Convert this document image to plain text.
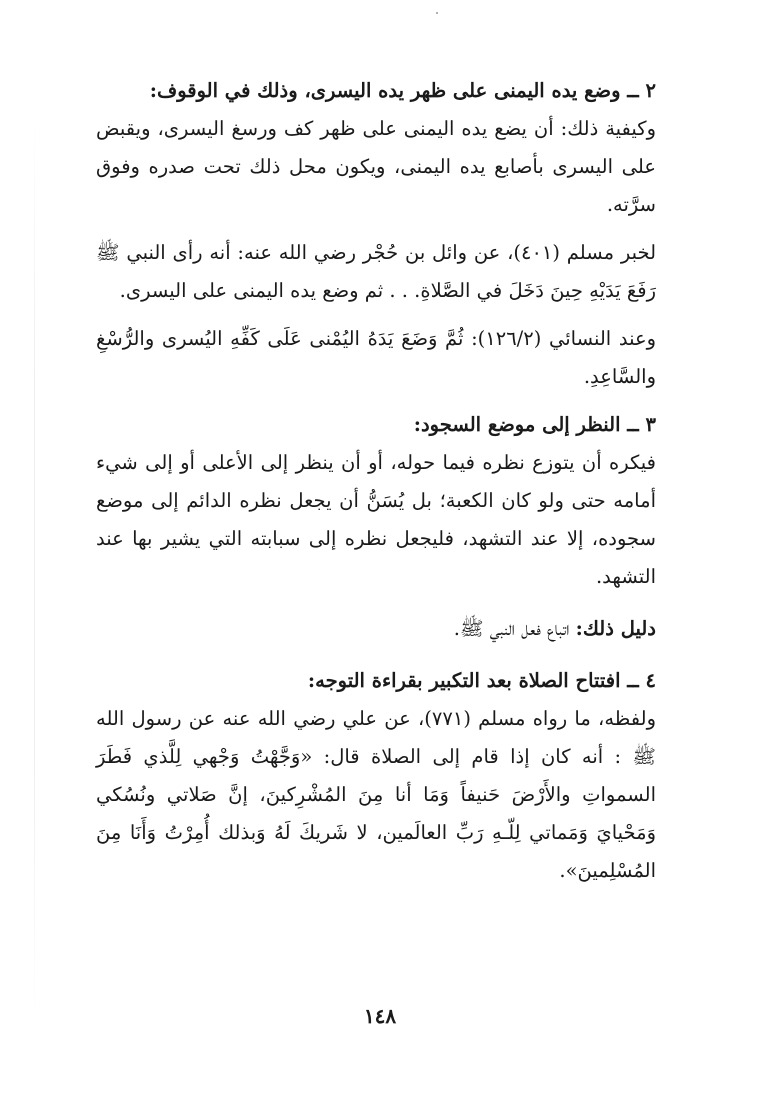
٢ ــ وضع يده اليمنى على ظهر يده اليسرى، وذلك في الوقوف:

وكيفية ذلك: أن يضع يده اليمنى على ظهر كف ورسغ اليسرى، ويقبض على اليسرى بأصابع يده اليمنى، ويكون محل ذلك تحت صدره وفوق سرَّته.

لخبر مسلم (٤٠١)، عن وائل بن حُجْر رضي الله عنه: أنه رأى النبي ﷺ رَفَعَ يَدَيْهِ حِينَ دَخَلَ في الصَّلاةِ. . . ثم وضع يده اليمنى على اليسرى.

وعند النسائي (١٢٦/٢): ثُمَّ وَضَعَ يَدَهُ اليُمْنى عَلَى كَفِّهِ اليُسرى والرُّسْغِ والسَّاعِدِ.

٣ ــ النظر إلى موضع السجود:

فيكره أن يتوزع نظره فيما حوله، أو أن ينظر إلى الأعلى أو إلى شيء أمامه حتى ولو كان الكعبة؛ بل يُسَنُّ أن يجعل نظره الدائم إلى موضع سجوده، إلا عند التشهد، فليجعل نظره إلى سبابته التي يشير بها عند التشهد.

دليل ذلك: اتباع فعل النبي ﷺ.

٤ ــ افتتاح الصلاة بعد التكبير بقراءة التوجه:

ولفظه، ما رواه مسلم (٧٧١)، عن علي رضي الله عنه عن رسول الله ﷺ : أنه كان إذا قام إلى الصلاة قال: «وَجَّهْتُ وَجْهي لِلَّذي فَطَرَ السمواتِ والأَرْضَ حَنيفاً وَمَا أنا مِنَ المُشْرِكينَ، إنَّ صَلاتي ونُسُكي وَمَحْيايَ وَمَماتي لِلّـهِ رَبِّ العالَمين، لا شَريكَ لَهُ وَبذلك أُمِرْتُ وَأَنَا مِنَ المُسْلِمينَ».

١٤٨
